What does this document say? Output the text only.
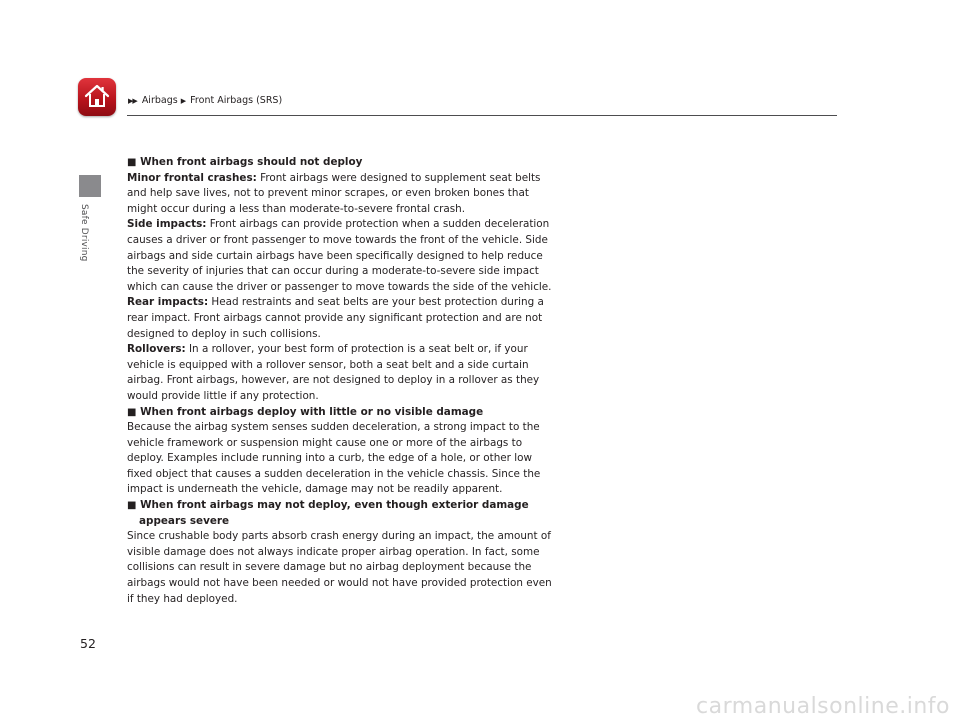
▶▶ Airbags ▶ Front Airbags (SRS)
Safe Driving

■ When front airbags should not deploy

Minor frontal crashes: Front airbags were designed to supplement seat belts and help save lives, not to prevent minor scrapes, or even broken bones that might occur during a less than moderate-to-severe frontal crash.

Side impacts: Front airbags can provide protection when a sudden deceleration causes a driver or front passenger to move towards the front of the vehicle. Side airbags and side curtain airbags have been specifically designed to help reduce the severity of injuries that can occur during a moderate-to-severe side impact which can cause the driver or passenger to move towards the side of the vehicle.

Rear impacts: Head restraints and seat belts are your best protection during a rear impact. Front airbags cannot provide any significant protection and are not designed to deploy in such collisions.

Rollovers: In a rollover, your best form of protection is a seat belt or, if your vehicle is equipped with a rollover sensor, both a seat belt and a side curtain airbag. Front airbags, however, are not designed to deploy in a rollover as they would provide little if any protection.

■ When front airbags deploy with little or no visible damage

Because the airbag system senses sudden deceleration, a strong impact to the vehicle framework or suspension might cause one or more of the airbags to deploy. Examples include running into a curb, the edge of a hole, or other low fixed object that causes a sudden deceleration in the vehicle chassis. Since the impact is underneath the vehicle, damage may not be readily apparent.

■ When front airbags may not deploy, even though exterior damage

appears severe

Since crushable body parts absorb crash energy during an impact, the amount of visible damage does not always indicate proper airbag operation. In fact, some collisions can result in severe damage but no airbag deployment because the airbags would not have been needed or would not have provided protection even if they had deployed.

52
carmanualsonline.info
